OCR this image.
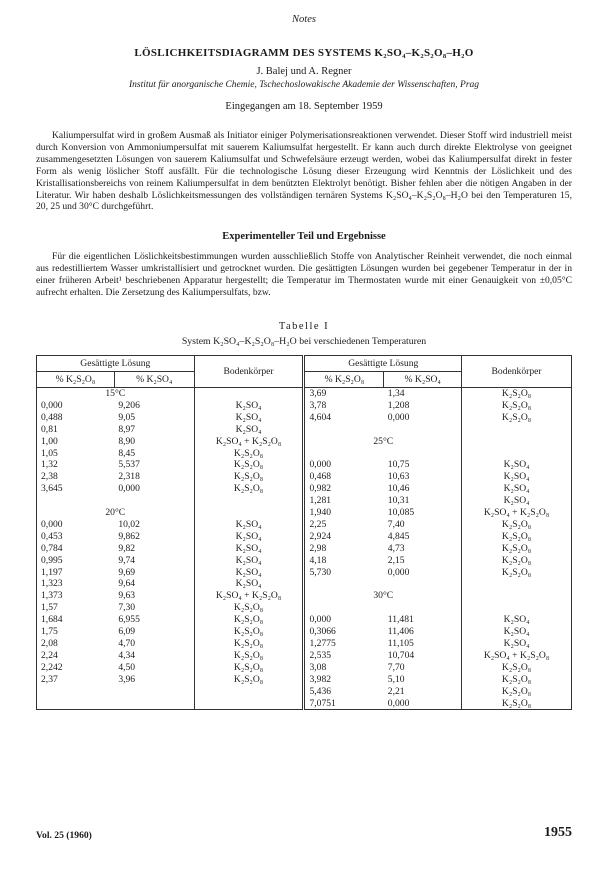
Notes
LÖSLICHKEITSDIAGRAMM DES SYSTEMS K₂SO₄–K₂S₂O₈–H₂O
J. Balej und A. Regner
Institut für anorganische Chemie, Tschechoslowakische Akademie der Wissenschaften, Prag
Eingegangen am 18. September 1959

Kaliumpersulfat wird in großem Ausmaß als Initiator einiger Polymerisationsreaktionen verwendet. Dieser Stoff wird industriell meist durch Konversion von Ammoniumpersulfat mit sauerem Kaliumsulfat hergestellt. Er kann auch durch direkte Elektrolyse von geeignet zusammengesetzten Lösungen von sauerem Kaliumsulfat und Schwefelsäure erzeugt werden, wobei das Kaliumpersulfat direkt in fester Form als wenig löslicher Stoff ausfällt. Für die technologische Lösung dieser Erzeugung wird Kenntnis der Löslichkeit und des Kristallisationsbereichs von reinem Kaliumpersulfat in dem benützten Elektrolyt benötigt. Bisher fehlen aber die nötigen Angaben in der Literatur. Wir haben deshalb Löslichkeitsmessungen des vollständigen ternären Systems K₂SO₄–K₂S₂O₈–H₂O bei den Temperaturen 15, 20, 25 und 30°C durchgeführt.

Experimenteller Teil und Ergebnisse

Für die eigentlichen Löslichkeitsbestimmungen wurden ausschließlich Stoffe von Analytischer Reinheit verwendet, die noch einmal aus redestilliertem Wasser umkristallisiert und getrocknet wurden. Die gesättigten Lösungen wurden bei gegebener Temperatur in der in einer früheren Arbeit¹ beschriebenen Apparatur hergestellt; die Temperatur im Thermostaten wurde mit einer Genauigkeit von ±0,05°C aufrecht erhalten. Die Zersetzung des Kaliumpersulfats, bzw.

Tabelle I
System K₂SO₄–K₂S₂O₈–H₂O bei verschiedenen Temperaturen
Gesättigte Lösung		Bodenkörper	Gesättigte Lösung		Bodenkörper
% K₂S₂O₈	% K₂SO₄		% K₂S₂O₈	% K₂SO₄	
15°C			3,69	1,34	K₂S₂O₈
0,000	9,206	K₂SO₄	3,78	1,208	K₂S₂O₈
0,488	9,05	K₂SO₄	4,604	0,000	K₂S₂O₈
0,81	8,97	K₂SO₄			
1,00	8,90	K₂SO₄ + K₂S₂O₈	25°C		
1,05	8,45	K₂S₂O₈			
1,32	5,537	K₂S₂O₈	0,000	10,75	K₂SO₄
2,38	2,318	K₂S₂O₈	0,468	10,63	K₂SO₄
3,645	0,000	K₂S₂O₈	0,982	10,46	K₂SO₄
			1,281	10,31	K₂SO₄
20°C			1,940	10,085	K₂SO₄ + K₂S₂O₈
0,000	10,02	K₂SO₄	2,25	7,40	K₂S₂O₈
0,453	9,862	K₂SO₄	2,924	4,845	K₂S₂O₈
0,784	9,82	K₂SO₄	2,98	4,73	K₂S₂O₈
0,995	9,74	K₂SO₄	4,18	2,15	K₂S₂O₈
1,197	9,69	K₂SO₄	5,730	0,000	K₂S₂O₈
1,323	9,64	K₂SO₄			
1,373	9,63	K₂SO₄ + K₂S₂O₈	30°C		
1,57	7,30	K₂S₂O₈			
1,684	6,955	K₂S₂O₈	0,000	11,481	K₂SO₄
1,75	6,09	K₂S₂O₈	0,3066	11,406	K₂SO₄
2,08	4,70	K₂S₂O₈	1,2775	11,105	K₂SO₄
2,24	4,34	K₂S₂O₈	2,535	10,704	K₂SO₄ + K₂S₂O₈
2,242	4,50	K₂S₂O₈	3,08	7,70	K₂S₂O₈
2,37	3,96	K₂S₂O₈	3,982	5,10	K₂S₂O₈
			5,436	2,21	K₂S₂O₈
			7,0751	0,000	K₂S₂O₈
Vol. 25 (1960)	1955
